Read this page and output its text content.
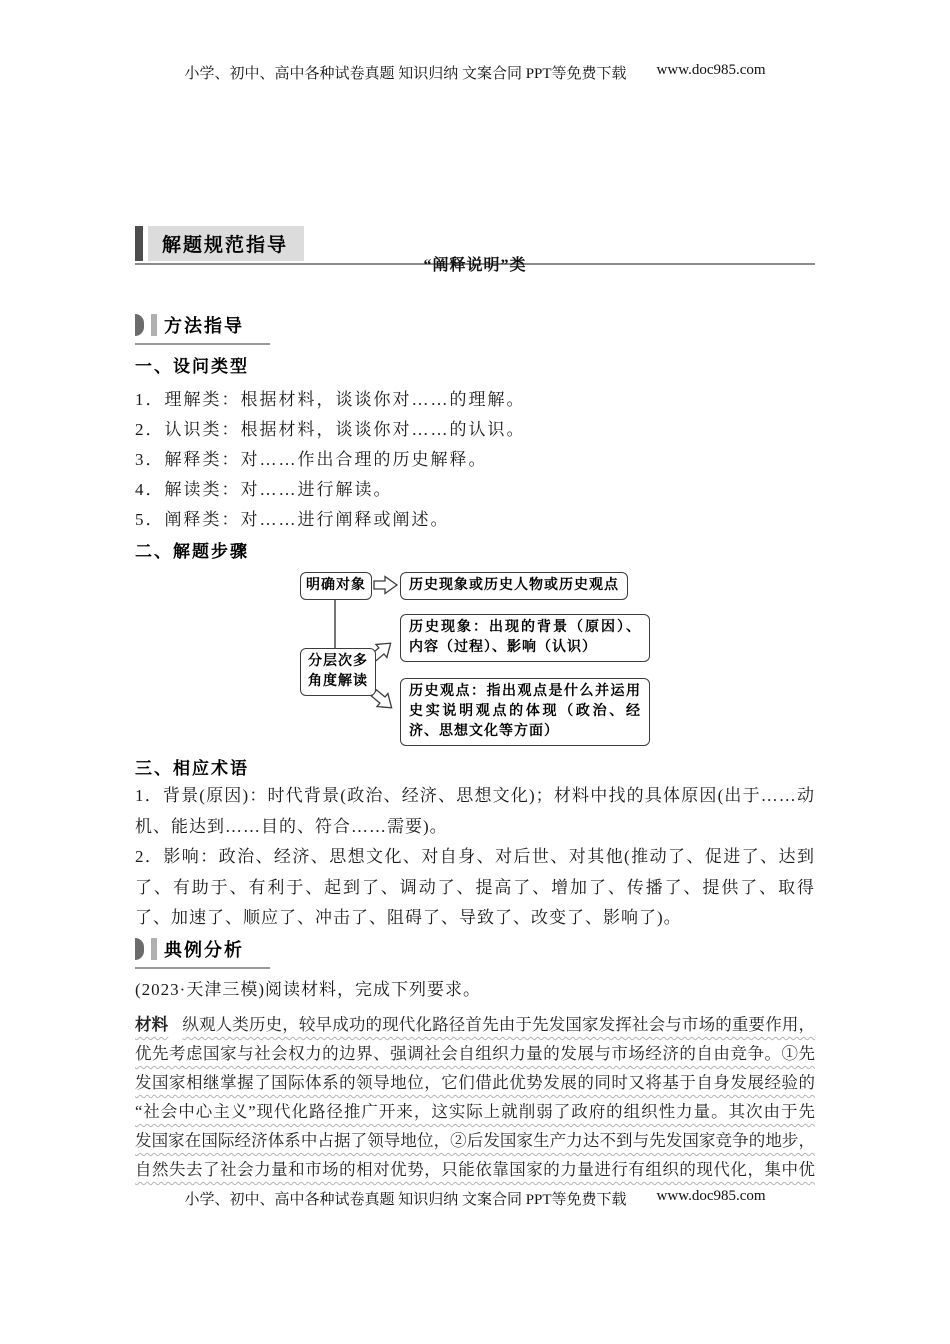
小学、初中、高中各种试卷真题 知识归纳 文案合同 PPT等免费下载 www.doc985.com
解题规范指导
“阐释说明”类
方法指导
一、设问类型

1．理解类：根据材料，谈谈你对……的理解。

2．认识类：根据材料，谈谈你对……的认识。

3．解释类：对……作出合理的历史解释。

4．解读类：对……进行解读。

5．阐释类：对……进行阐释或阐述。

二、解题步骤
明确对象	历史现象或历史人物或历史观点
历史现象：出现的背景（原因）、内容（过程）、影响（认识）
分层次多角度解读
历史观点：指出观点是什么并运用史实说明观点的体现（政治、经济、思想文化等方面）
三、相应术语

1．背景(原因)：时代背景(政治、经济、思想文化)；材料中找的具体原因(出于……动机、能达到……目的、符合……需要)。

2．影响：政治、经济、思想文化、对自身、对后世、对其他(推动了、促进了、达到了、有助于、有利于、起到了、调动了、提高了、增加了、传播了、提供了、取得了、加速了、顺应了、冲击了、阻碍了、导致了、改变了、影响了)。

典例分析

(2023·天津三模)阅读材料，完成下列要求。

材料 纵观人类历史，较早成功的现代化路径首先由于先发国家发挥社会与市场的重要作用，
优先考虑国家与社会权力的边界、强调社会自组织力量的发展与市场经济的自由竞争。①先
发国家相继掌握了国际体系的领导地位，它们借此优势发展的同时又将基于自身发展经验的
“社会中心主义”现代化路径推广开来，这实际上就削弱了政府的组织性力量。其次由于先
发国家在国际经济体系中占据了领导地位，②后发国家生产力达不到与先发国家竞争的地步，
自然失去了社会力量和市场的相对优势，只能依靠国家的力量进行有组织的现代化，集中优
小学、初中、高中各种试卷真题 知识归纳 文案合同 PPT等免费下载 www.doc985.com
